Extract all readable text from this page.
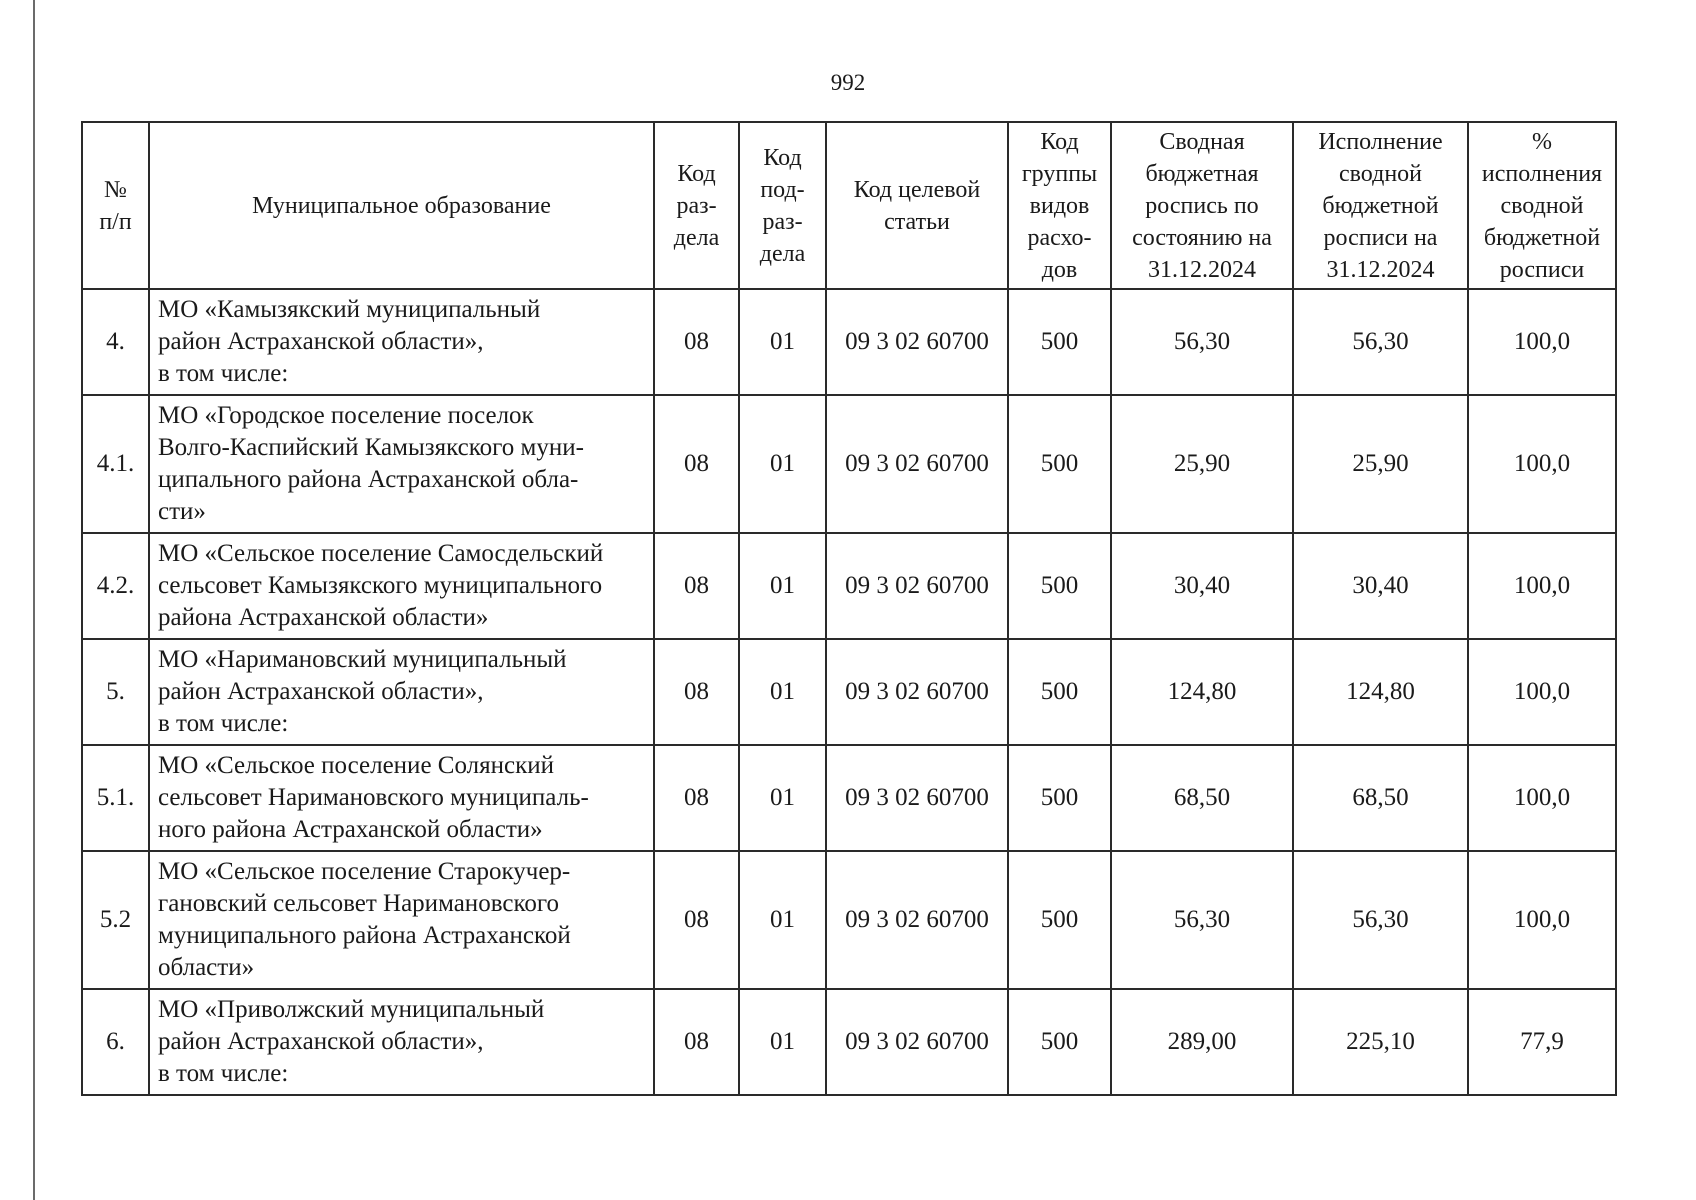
992
№
п/п	Муниципальное образование	Код
раз-
дела	Код
под-
раз-
дела	Код целевой
статьи	Код
группы
видов
расхо-
дов	Сводная
бюджетная
роспись по
состоянию на
31.12.2024	Исполнение
сводной
бюджетной
росписи на
31.12.2024	%
исполнения
сводной
бюджетной
росписи
4.	МО «Камызякский муниципальный
район Астраханской области»,
в том числе:	08	01	09 3 02 60700	500	56,30	56,30	100,0
4.1.	МО «Городское поселение поселок
Волго-Каспийский Камызякского муни-
ципального района Астраханской обла-
сти»	08	01	09 3 02 60700	500	25,90	25,90	100,0
4.2.	МО «Сельское поселение Самосдельский
сельсовет Камызякского муниципального
района Астраханской области»	08	01	09 3 02 60700	500	30,40	30,40	100,0
5.	МО «Наримановский муниципальный
район Астраханской области»,
в том числе:	08	01	09 3 02 60700	500	124,80	124,80	100,0
5.1.	МО «Сельское поселение Солянский
сельсовет Наримановского муниципаль-
ного района Астраханской области»	08	01	09 3 02 60700	500	68,50	68,50	100,0
5.2	МО «Сельское поселение Старокучер-
гановский сельсовет Наримановского
муниципального района Астраханской
области»	08	01	09 3 02 60700	500	56,30	56,30	100,0
6.	МО «Приволжский муниципальный
район Астраханской области»,
в том числе:	08	01	09 3 02 60700	500	289,00	225,10	77,9
